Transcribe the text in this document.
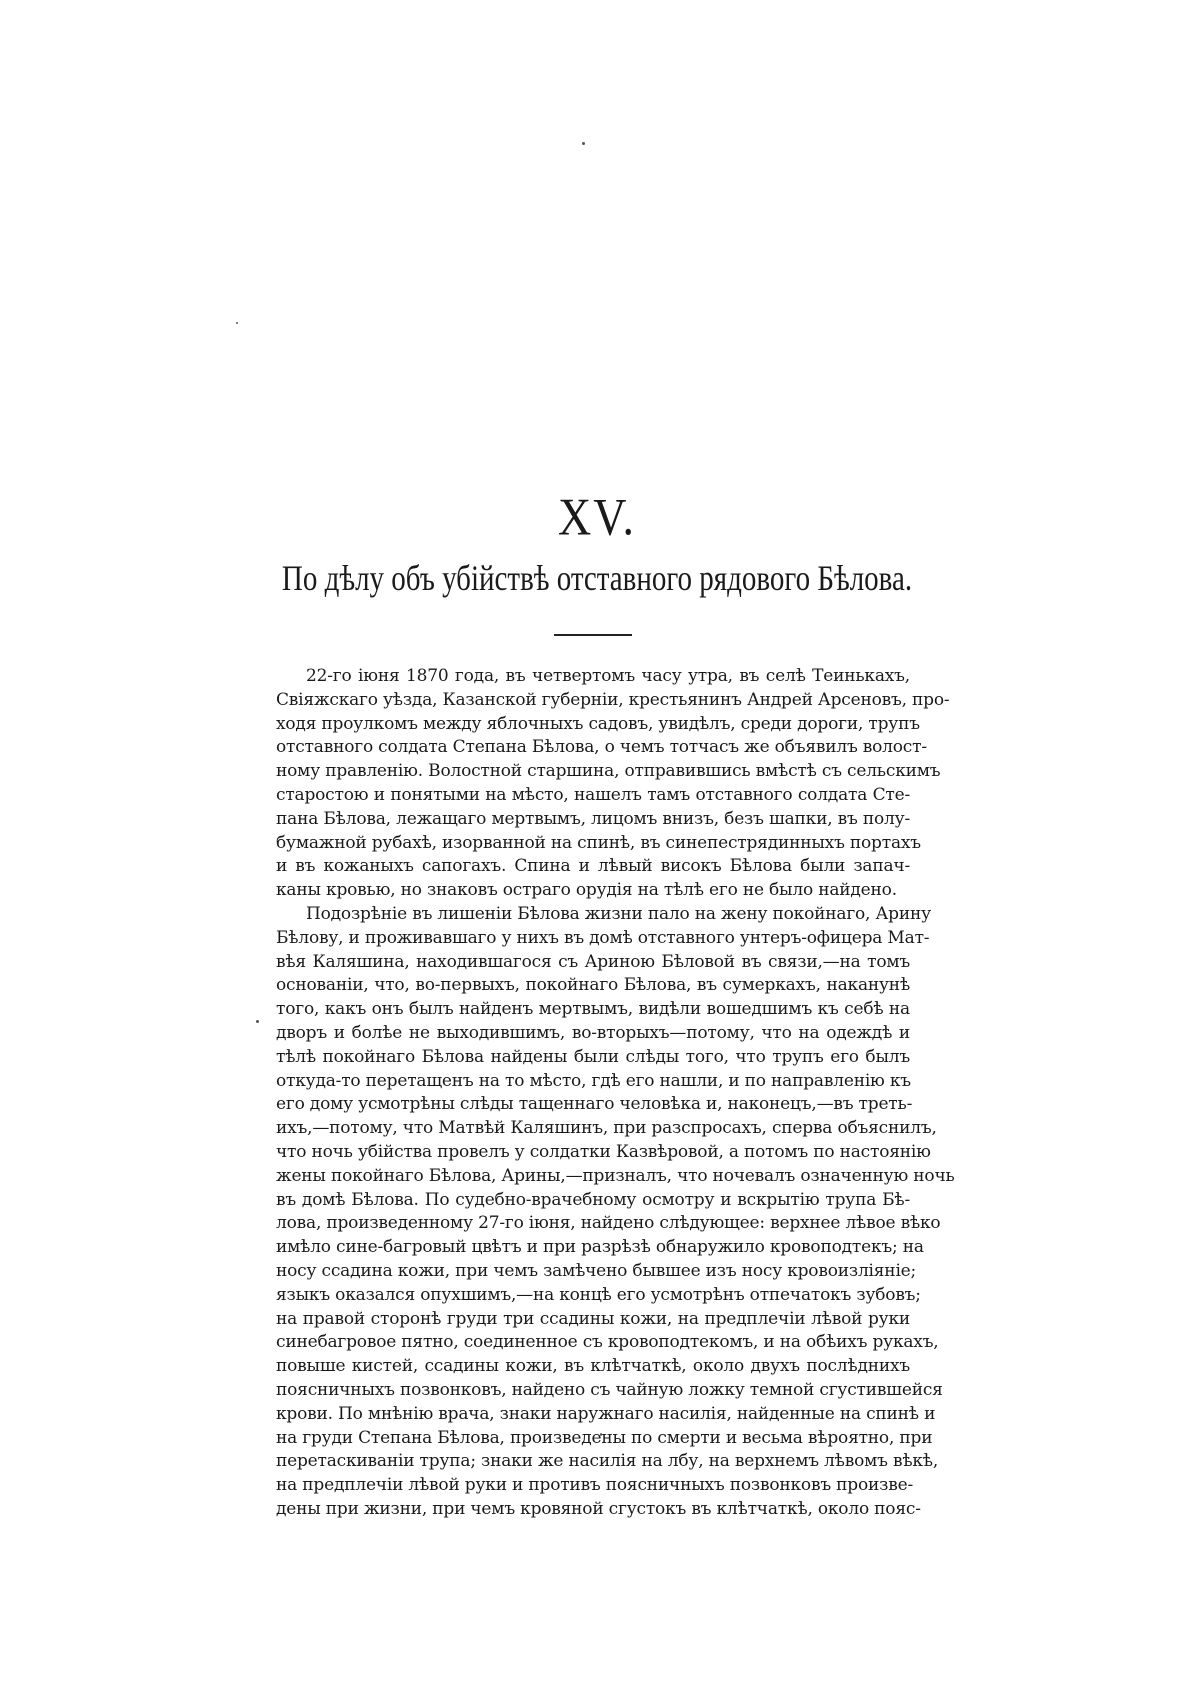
XV.
По дѣлу объ убійствѣ отставного рядового Бѣлова.
22-го іюня 1870 года, въ четвертомъ часу утра, въ селѣ Теинькахъ,
Свіяжскаго уѣзда, Казанской губерніи, крестьянинъ Андрей Арсеновъ, про-
ходя проулкомъ между яблочныхъ садовъ, увидѣлъ, среди дороги, трупъ
отставного солдата Степана Бѣлова, о чемъ тотчасъ же объявилъ волост-
ному правленію. Волостной старшина, отправившись вмѣстѣ съ сельскимъ
старостою и понятыми на мѣсто, нашелъ тамъ отставного солдата Сте-
пана Бѣлова, лежащаго мертвымъ, лицомъ внизъ, безъ шапки, въ полу-
бумажной рубахѣ, изорванной на спинѣ, въ синепестрядинныхъ портахъ
и въ кожаныхъ сапогахъ. Спина и лѣвый високъ Бѣлова были запач-
каны кровью, но знаковъ остраго орудія на тѣлѣ его не было найдено.
Подозрѣніе въ лишеніи Бѣлова жизни пало на жену покойнаго, Арину
Бѣлову, и проживавшаго у нихъ въ домѣ отставного унтеръ-офицера Мат-
вѣя Каляшина, находившагося съ Ариною Бѣловой въ связи,—на томъ
основаніи, что, во-первыхъ, покойнаго Бѣлова, въ сумеркахъ, наканунѣ
того, какъ онъ былъ найденъ мертвымъ, видѣли вошедшимъ къ себѣ на
дворъ и болѣе не выходившимъ, во-вторыхъ—потому, что на одеждѣ и
тѣлѣ покойнаго Бѣлова найдены были слѣды того, что трупъ его былъ
откуда-то перетащенъ на то мѣсто, гдѣ его нашли, и по направленію къ
его дому усмотрѣны слѣды тащеннаго человѣка и, наконецъ,—въ треть-
ихъ,—потому, что Матвѣй Каляшинъ, при разспросахъ, сперва объяснилъ,
что ночь убійства провелъ у солдатки Казвѣровой, а потомъ по настоянію
жены покойнаго Бѣлова, Арины,—призналъ, что ночевалъ означенную ночь
въ домѣ Бѣлова. По судебно-врачебному осмотру и вскрытію трупа Бѣ-
лова, произведенному 27-го іюня, найдено слѣдующее: верхнее лѣвое вѣко
имѣло сине-багровый цвѣтъ и при разрѣзѣ обнаружило кровоподтекъ; на
носу ссадина кожи, при чемъ замѣчено бывшее изъ носу кровоизліяніе;
языкъ оказался опухшимъ,—на концѣ его усмотрѣнъ отпечатокъ зубовъ;
на правой сторонѣ груди три ссадины кожи, на предплечіи лѣвой руки
синебагровое пятно, соединенное съ кровоподтекомъ, и на обѣихъ рукахъ,
повыше кистей, ссадины кожи, въ клѣтчаткѣ, около двухъ послѣднихъ
поясничныхъ позвонковъ, найдено съ чайную ложку темной сгустившейся
крови. По мнѣнію врача, знаки наружнаго насилія, найденные на спинѣ и
на груди Степана Бѣлова, произведены по смерти и весьма вѣроятно, при
перетаскиваніи трупа; знаки же насилія на лбу, на верхнемъ лѣвомъ вѣкѣ,
на предплечіи лѣвой руки и противъ поясничныхъ позвонковъ произве-
дены при жизни, при чемъ кровяной сгустокъ въ клѣтчаткѣ, около пояс-
